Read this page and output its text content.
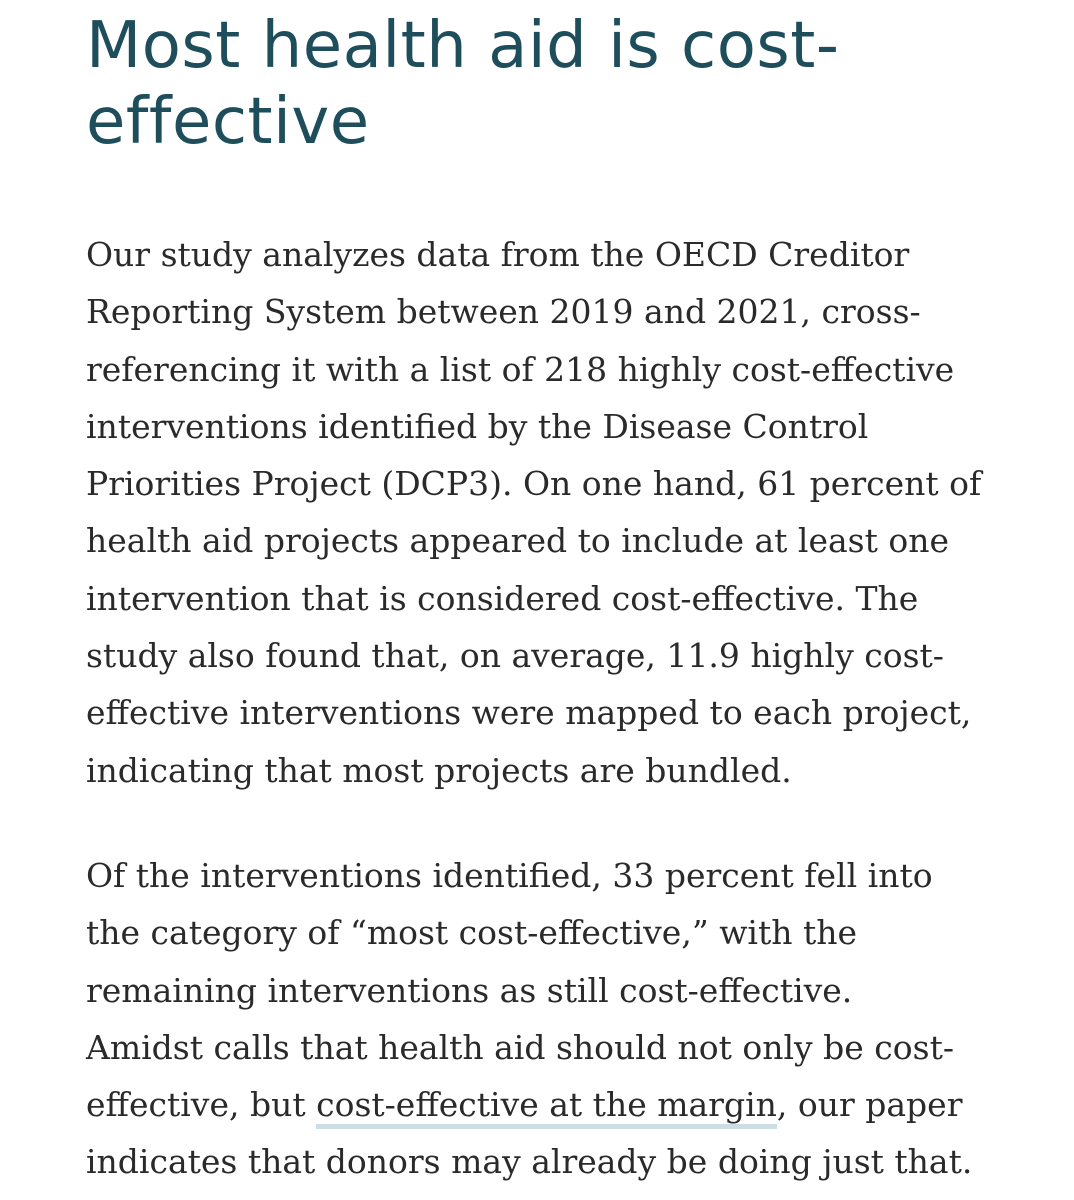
Most health aid is cost-
effective

Our study analyzes data from the OECD Creditor
Reporting System between 2019 and 2021, cross-
referencing it with a list of 218 highly cost-effective
interventions identified by the Disease Control
Priorities Project (DCP3). On one hand, 61 percent of
health aid projects appeared to include at least one
intervention that is considered cost-effective. The
study also found that, on average, 11.9 highly cost-
effective interventions were mapped to each project,
indicating that most projects are bundled.

Of the interventions identified, 33 percent fell into
the category of “most cost-effective,” with the
remaining interventions as still cost-effective.
Amidst calls that health aid should not only be cost-
effective, but cost-effective at the margin, our paper
indicates that donors may already be doing just that.
